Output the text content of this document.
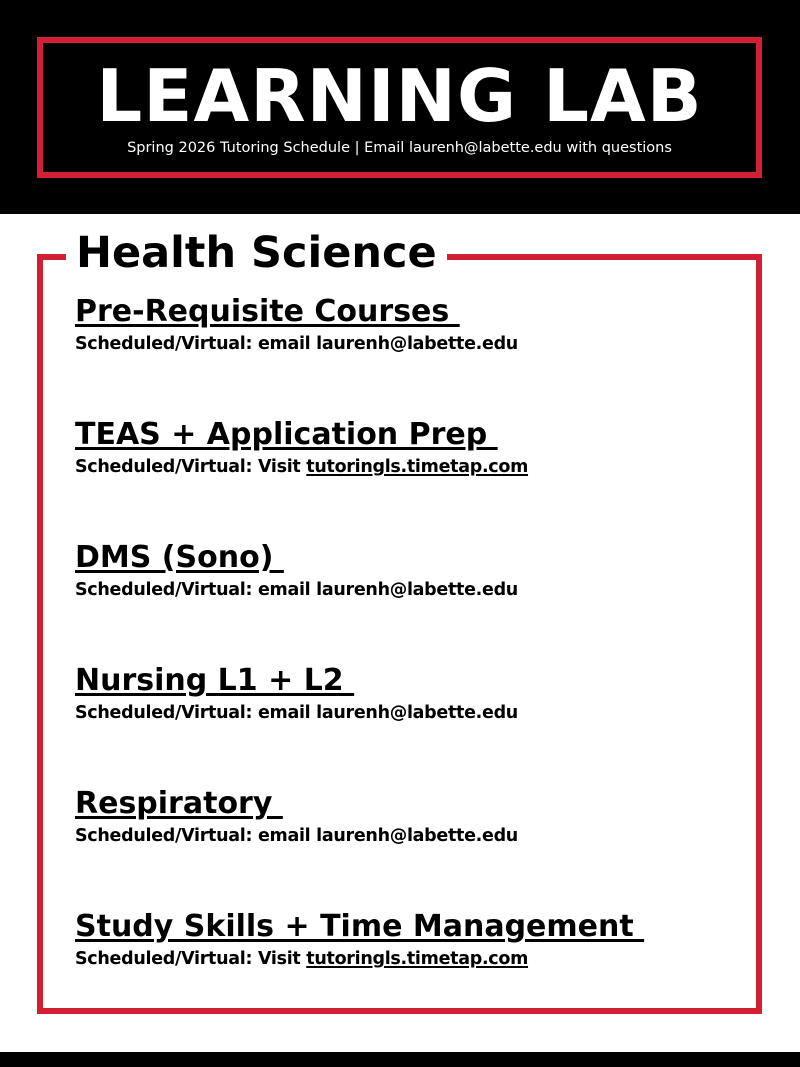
LEARNING LAB
Spring 2026 Tutoring Schedule | Email laurenh@labette.edu with questions
Health Science
Pre-Requisite Courses
Scheduled/Virtual: email laurenh@labette.edu
TEAS + Application Prep
Scheduled/Virtual: Visit tutoringls.timetap.com
DMS (Sono)
Scheduled/Virtual: email laurenh@labette.edu
Nursing L1 + L2
Scheduled/Virtual: email laurenh@labette.edu
Respiratory
Scheduled/Virtual: email laurenh@labette.edu
Study Skills + Time Management
Scheduled/Virtual: Visit tutoringls.timetap.com
